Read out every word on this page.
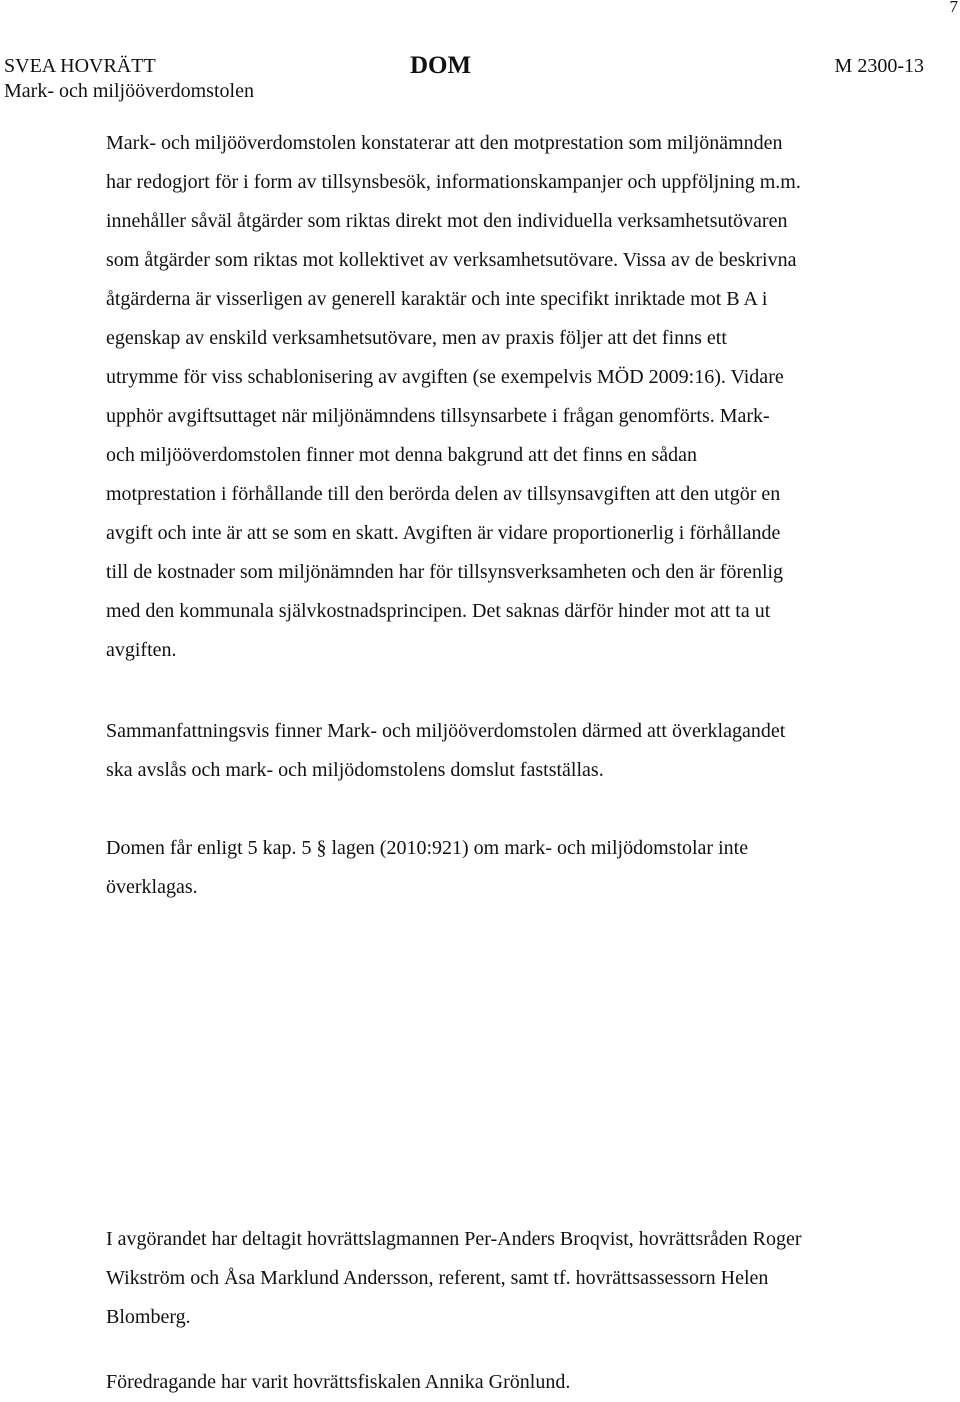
7
SVEA HOVRÄTT
Mark- och miljööverdomstolen
DOM	M 2300-13
Mark- och miljööverdomstolen konstaterar att den motprestation som miljönämnden
har redogjort för i form av tillsynsbesök, informationskampanjer och uppföljning m.m.
innehåller såväl åtgärder som riktas direkt mot den individuella verksamhetsutövaren
som åtgärder som riktas mot kollektivet av verksamhetsutövare. Vissa av de beskrivna
åtgärderna är visserligen av generell karaktär och inte specifikt inriktade mot B A i
egenskap av enskild verksamhetsutövare, men av praxis följer att det finns ett
utrymme för viss schablonisering av avgiften (se exempelvis MÖD 2009:16). Vidare
upphör avgiftsuttaget när miljönämndens tillsynsarbete i frågan genomförts. Mark-
och miljööverdomstolen finner mot denna bakgrund att det finns en sådan
motprestation i förhållande till den berörda delen av tillsynsavgiften att den utgör en
avgift och inte är att se som en skatt. Avgiften är vidare proportionerlig i förhållande
till de kostnader som miljönämnden har för tillsynsverksamheten och den är förenlig
med den kommunala självkostnadsprincipen. Det saknas därför hinder mot att ta ut
avgiften.
Sammanfattningsvis finner Mark- och miljööverdomstolen därmed att överklagandet
ska avslås och mark- och miljödomstolens domslut fastställas.
Domen får enligt 5 kap. 5 § lagen (2010:921) om mark- och miljödomstolar inte
överklagas.
I avgörandet har deltagit hovrättslagmannen Per-Anders Broqvist, hovrättsråden Roger
Wikström och Åsa Marklund Andersson, referent, samt tf. hovrättsassessorn Helen
Blomberg.
Föredragande har varit hovrättsfiskalen Annika Grönlund.
